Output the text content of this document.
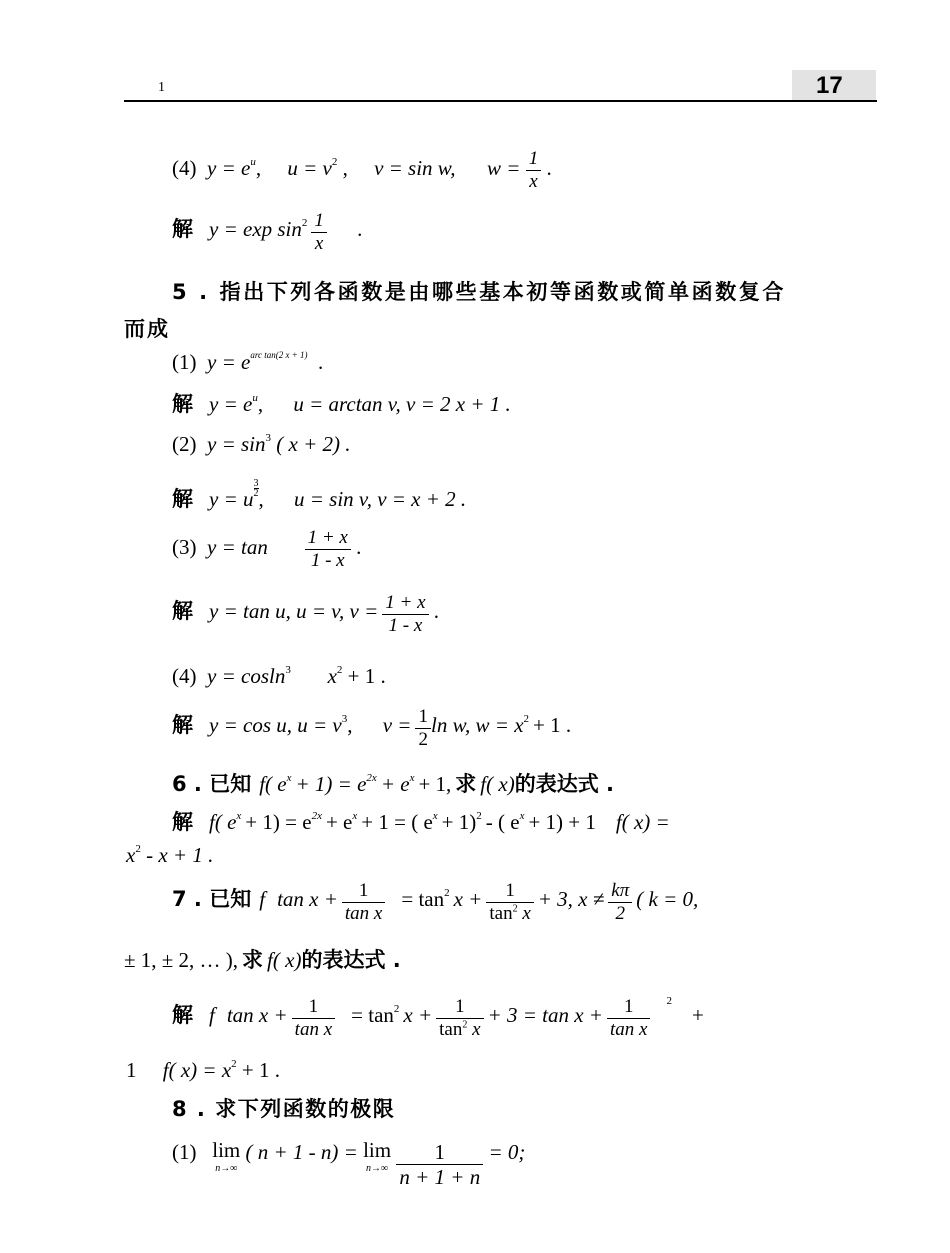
1	17
(4) $y = e^u$,     $u = v^2$ ,     v = sin w, $w = \frac{1}{x}$ .
解 $y = \exp \sin^2 \frac{1}{x}$ .
5 . 指出下列各函数是由哪些基本初等函数或简单函数复合
而成
(1) $y = e^{arc tan(2 x + 1)}$  .
解 $y = e^u$,      u = arctan v, v = 2 x + 1 .
(2) $y = \sin^3$ ( x + 2) .
解 y = u $\frac{3}{2}$ ,      u = sin v, v = x + 2 .
(3) $y = \tan \frac{1 + x}{1 - x}$ .
解 y = tan u, u = v, $v = \frac{1 + x}{1 - x}$ .
(4) y = cosln$^3$ $x^2 + 1$ .
解 y = cos u, $u = v^3$,      $v = \frac{1}{2}$ ln w, $w = x^2 + 1$ .
6 . 已知 f( $e^x + 1) = e^{2x} + e^x + 1$, 求 f( x)的表达式 .
解 f( $e^x + 1) = e^{2x} + e^x + 1$ = ( $e^x + 1)^2$ - ( $e^x + 1) + 1$ f( x) =
$x^2 - x + 1$ .
7 . 已知 f $\tan x + \frac{1}{\text{tan x}} = \tan^2 x + \frac{1}{\tan^2 x} + 3$, $x \ne \frac{k\pi}{2}$ ( k = 0,
± 1, ± 2, … ), 求 f( x)的表达式 .
解 f $\tan x + \frac{1}{\text{tan x}} = \tan^2 x + \frac{1}{\tan^2 x} + 3 = \tan x + \frac{1}{\text{tan x}} ^2$     +
1 f( $x) = x^2 + 1$ .
8 . 求下列函数的极限
(1) lim
n→∞
( n + 1 - n) = lim
n→∞
$\frac{1}{n + 1 + n} = 0$;
